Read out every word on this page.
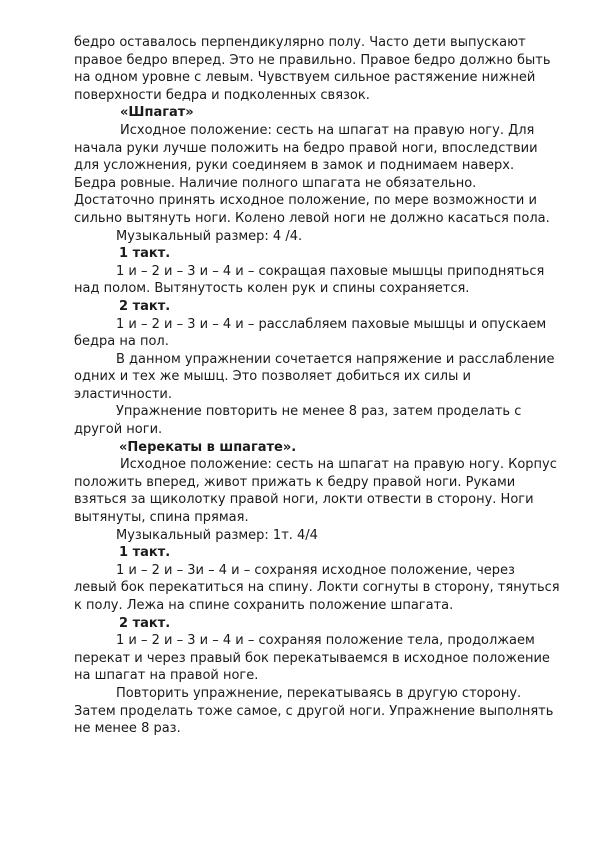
бедро оставалось перпендикулярно полу. Часто дети выпускают правое бедро вперед. Это не правильно. Правое бедро должно быть на одном уровне с левым. Чувствуем сильное растяжение нижней поверхности бедра и подколенных связок.

«Шпагат»

Исходное положение: сесть на шпагат на правую ногу. Для начала руки лучше положить на бедро правой ноги, впоследствии для усложнения, руки соединяем в замок и поднимаем наверх. Бедра ровные. Наличие полного шпагата не обязательно. Достаточно принять исходное положение, по мере возможности и сильно вытянуть ноги. Колено левой ноги не должно касаться пола.

Музыкальный размер: 4 /4.

1 такт.

1 и – 2 и – 3 и – 4 и – сокращая паховые мышцы приподняться над полом. Вытянутость колен рук и спины сохраняется.

2 такт.

1 и – 2 и – 3 и – 4 и – расслабляем паховые мышцы и опускаем бедра на пол.

В данном упражнении сочетается напряжение и расслабление одних и тех же мышц. Это позволяет добиться их силы и эластичности.

Упражнение повторить не менее 8 раз, затем проделать с другой ноги.

«Перекаты в шпагате».

Исходное положение: сесть на шпагат на правую ногу. Корпус положить вперед, живот прижать к бедру правой ноги. Руками взяться за щиколотку правой ноги, локти отвести в сторону. Ноги вытянуты, спина прямая.

Музыкальный размер: 1т. 4/4

1 такт.

1 и – 2 и – 3и – 4 и – сохраняя исходное положение, через левый бок перекатиться на спину. Локти согнуты в сторону, тянуться к полу. Лежа на спине сохранить положение шпагата.

2 такт.

1 и – 2 и – 3 и – 4 и – сохраняя положение тела, продолжаем перекат и через правый бок перекатываемся в исходное положение на шпагат на правой ноге.

Повторить упражнение, перекатываясь в другую сторону. Затем проделать тоже самое, с другой ноги. Упражнение выполнять не менее 8 раз.
